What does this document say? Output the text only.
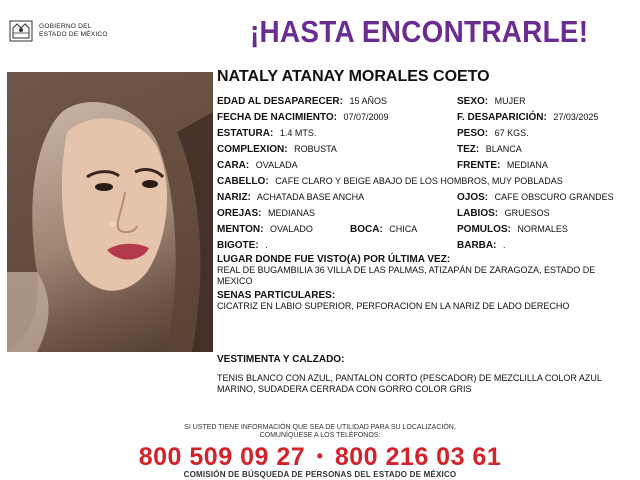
GOBIERNO DEL
ESTADO DE MÉXICO	¡HASTA ENCONTRARLE!
NATALY ATANAY MORALES COETO
EDAD AL DESAPARECER: 15 AÑOS	SEXO: MUJER
FECHA DE NACIMIENTO: 07/07/2009	F. DESAPARICIÓN: 27/03/2025
ESTATURA: 1.4 MTS.	PESO: 67 KGS.
COMPLEXION: ROBUSTA	TEZ: BLANCA
CARA: OVALADA	FRENTE: MEDIANA
CABELLO: CAFE CLARO Y BEIGE ABAJO DE LOS HOMBROS, MUY POBLADAS
NARIZ: ACHATADA BASE ANCHA	OJOS: CAFE OBSCURO GRANDES
OREJAS: MEDIANAS	LABIOS: GRUESOS
MENTON: OVALADO	BOCA: CHICA	POMULOS: NORMALES
BIGOTE: .	BARBA: .
LUGAR DONDE FUE VISTO(A) POR ÚLTIMA VEZ:
REAL DE BUGAMBILIA 36 VILLA DE LAS PALMAS, ATIZAPÁN DE ZARAGOZA, ESTADO DE MEXICO
SENAS PARTICULARES:
CICATRIZ EN LABIO SUPERIOR, PERFORACION EN LA NARIZ DE LADO DERECHO
VESTIMENTA Y CALZADO:
TENIS BLANCO CON AZUL, PANTALON CORTO (PESCADOR) DE MEZCLILLA COLOR AZUL MARINO, SUDADERA CERRADA CON GORRO COLOR GRIS
SI USTED TIENE INFORMACIÓN QUE SEA DE UTILIDAD PARA SU LOCALIZACIÓN,
COMUNÍQUESE A LOS TELÉFONOS:
800 509 09 27 • 800 216 03 61
COMISIÓN DE BÚSQUEDA DE PERSONAS DEL ESTADO DE MÉXICO
